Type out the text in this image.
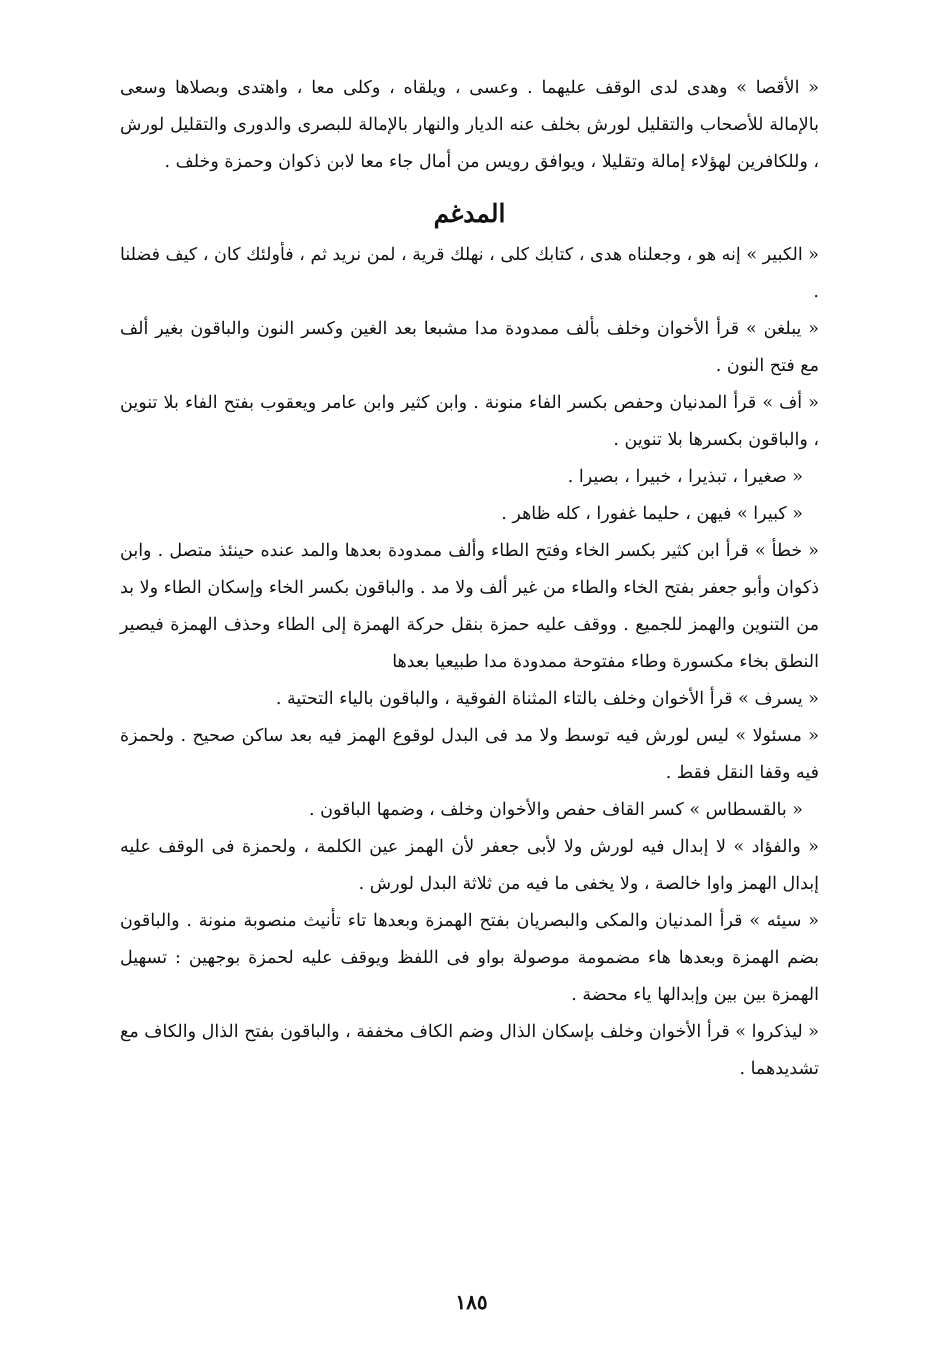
« الأقصا » وهدى لدى الوقف عليهما . وعسى ، ويلقاه ، وكلى معا ، واهتدى وبصلاها وسعى بالإمالة للأصحاب والتقليل لورش بخلف عنه الديار والنهار بالإمالة للبصرى والدورى والتقليل لورش ، وللكافرين لهؤلاء إمالة وتقليلا ، ويوافق رويس من أمال جاء معا لابن ذكوان وحمزة وخلف .

المدغم

« الكبير » إنه هو ، وجعلناه هدى ، كتابك كلى ، نهلك قرية ، لمن نريد ثم ، فأولئك كان ، كيف فضلنا .

« يبلغن » قرأ الأخوان وخلف بألف ممدودة مدا مشبعا بعد الغين وكسر النون والباقون بغير ألف مع فتح النون .

« أف » قرأ المدنيان وحفص بكسر الفاء منونة . وابن كثير وابن عامر ويعقوب بفتح الفاء بلا تنوين ، والباقون بكسرها بلا تنوين .

« صغيرا ، تبذيرا ، خبيرا ، بصيرا .

« كبيرا » فيهن ، حليما غفورا ، كله ظاهر .

« خطأ » قرأ ابن كثير بكسر الخاء وفتح الطاء وألف ممدودة بعدها والمد عنده حينئذ متصل . وابن ذكوان وأبو جعفر بفتح الخاء والطاء من غير ألف ولا مد . والباقون بكسر الخاء وإسكان الطاء ولا بد من التنوين والهمز للجميع . ووقف عليه حمزة بنقل حركة الهمزة إلى الطاء وحذف الهمزة فيصير النطق بخاء مكسورة وطاء مفتوحة ممدودة مدا طبيعيا بعدها

« يسرف » قرأ الأخوان وخلف بالتاء المثناة الفوقية ، والباقون بالياء التحتية .

« مسئولا » ليس لورش فيه توسط ولا مد فى البدل لوقوع الهمز فيه بعد ساكن صحيح . ولحمزة فيه وقفا النقل فقط .

« بالقسطاس » كسر القاف حفص والأخوان وخلف ، وضمها الباقون .

« والفؤاد » لا إبدال فيه لورش ولا لأبى جعفر لأن الهمز عين الكلمة ، ولحمزة فى الوقف عليه إبدال الهمز واوا خالصة ، ولا يخفى ما فيه من ثلاثة البدل لورش .

« سيئه » قرأ المدنيان والمكى والبصريان بفتح الهمزة وبعدها تاء تأنيث منصوبة منونة . والباقون بضم الهمزة وبعدها هاء مضمومة موصولة بواو فى اللفظ ويوقف عليه لحمزة بوجهين : تسهيل الهمزة بين بين وإبدالها ياء محضة .

« ليذكروا » قرأ الأخوان وخلف بإسكان الذال وضم الكاف مخففة ، والباقون بفتح الذال والكاف مع تشديدهما .

١٨٥
